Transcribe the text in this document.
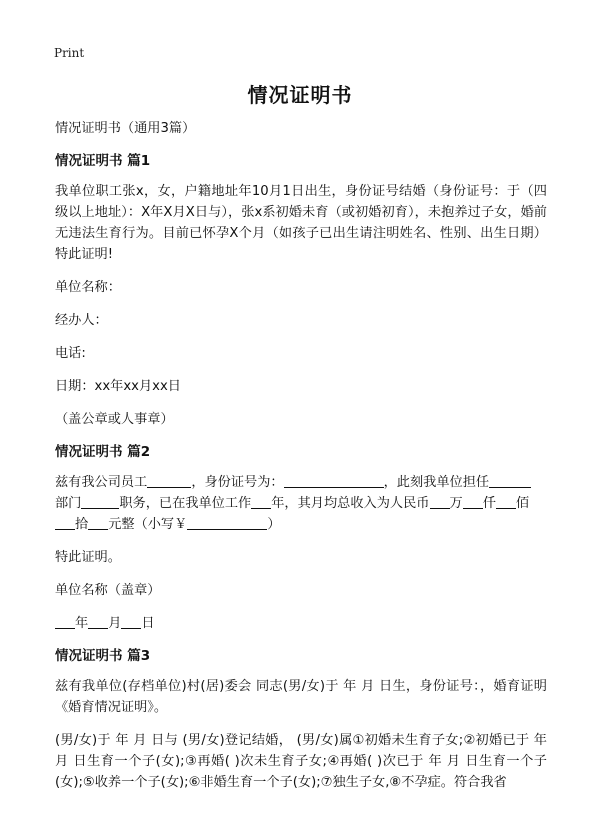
Print
情况证明书

情况证明书（通用3篇）

情况证明书 篇1

我单位职工张x，女，户籍地址年10月1日出生，身份证号结婚（身份证号：于（四级以上地址）：X年X月X日与），张x系初婚未育（或初婚初育），未抱养过子女，婚前无违法生育行为。目前已怀孕X个月（如孩子已出生请注明姓名、性别、出生日期）特此证明!

单位名称：

经办人：

电话:

日期：xx年xx月xx日

（盖公章或人事章）

情况证明书 篇2

兹有我公司员工	，身份证号为：	，此刻我单位担任
部门	职务，已在我单位工作 年，其月均总收入为人民币 万 仟 佰
拾 元整（小写￥	）

特此证明。

单位名称（盖章）

年 月 日

情况证明书 篇3

兹有我单位(存档单位)村(居)委会 同志(男/女)于 年 月 日生，身份证号：，婚育证明《婚育情况证明》。

(男/女)于 年 月 日与 (男/女)登记结婚， (男/女)属①初婚未生育子女;②初婚已于 年 月 日生育一个子(女);③再婚( )次未生育子女;④再婚( )次已于 年 月 日生育一个子(女);⑤收养一个子(女);⑥非婚生育一个子(女);⑦独生子女,⑧不孕症。符合我省
